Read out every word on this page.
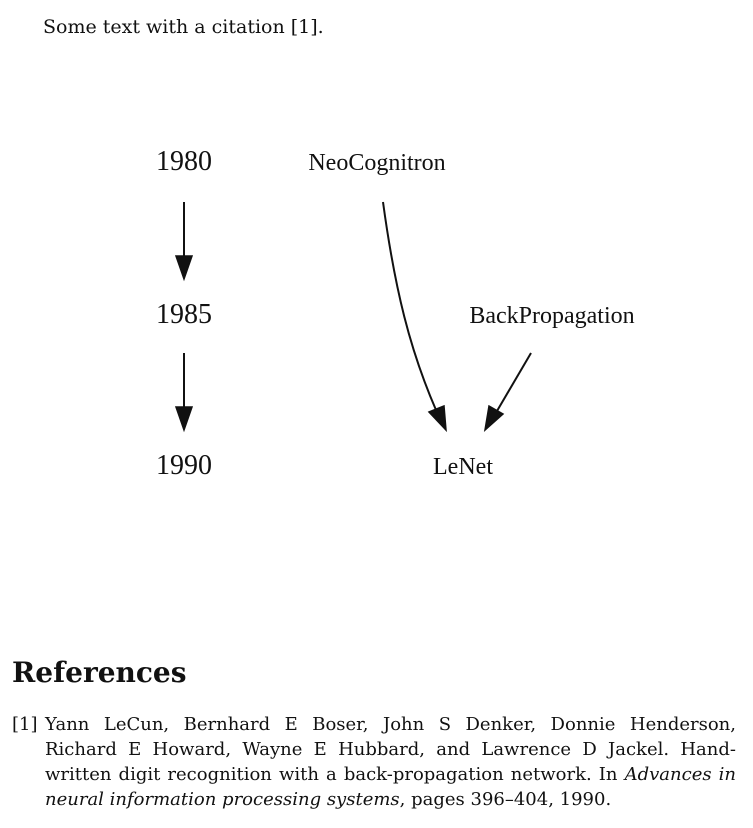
Some text with a citation [1].
1980
1985
1990
NeoCognitron
BackPropagation
LeNet
References
[1] Yann LeCun, Bernhard E Boser, John S Denker, Donnie Henderson,
Richard E Howard, Wayne E Hubbard, and Lawrence D Jackel. Hand-
written digit recognition with a back-propagation network. In Advances in
neural information processing systems, pages 396–404, 1990.
